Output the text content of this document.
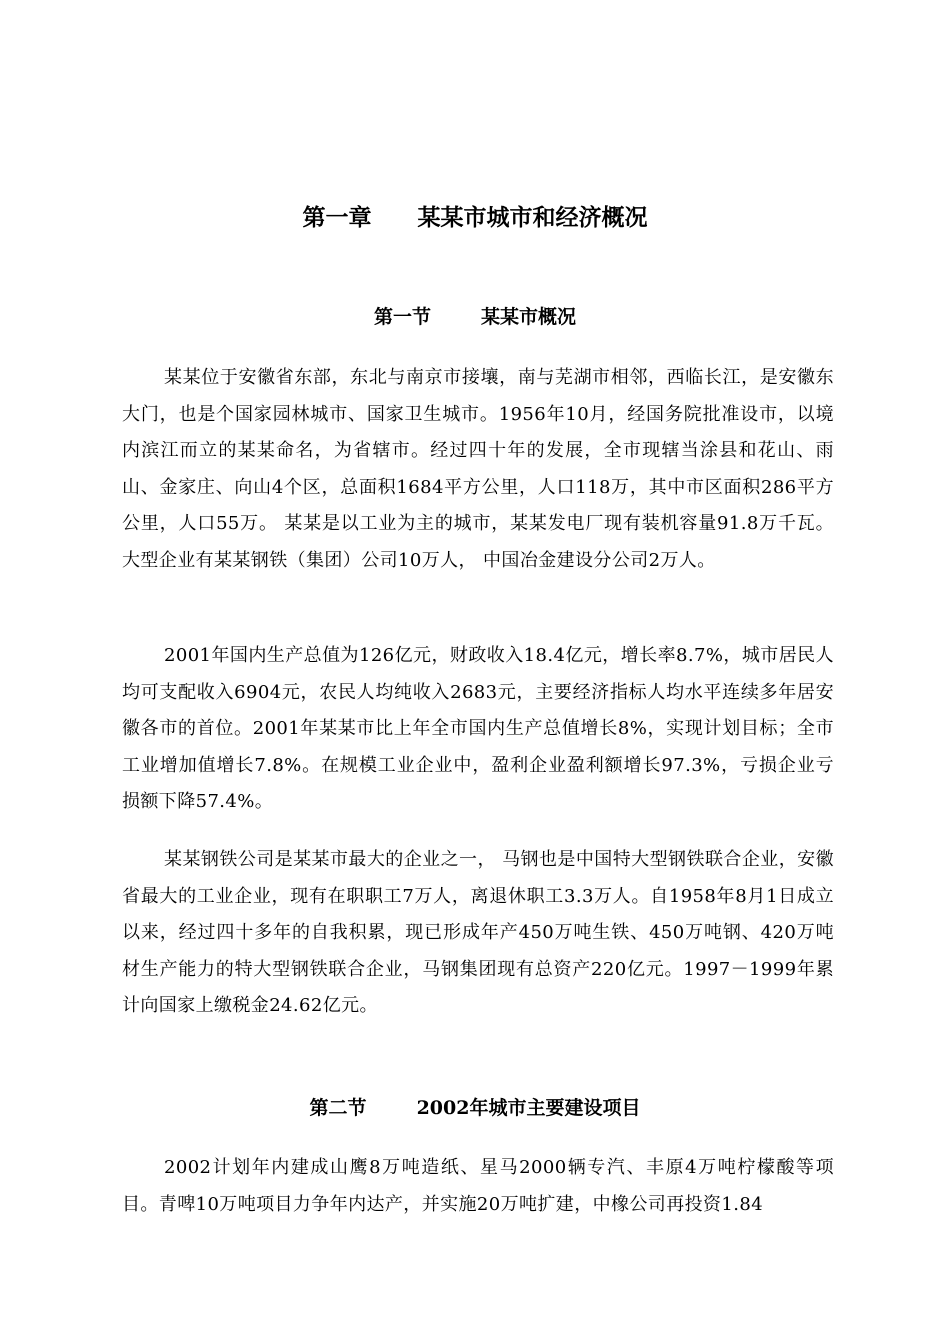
第一章 某某市城市和经济概况
第一节	某某市概况

某某位于安徽省东部，东北与南京市接壤，南与芜湖市相邻，西临长江，是安徽东大门，也是个国家园林城市、国家卫生城市。1956年10月，经国务院批准设市，以境内滨江而立的某某命名，为省辖市。经过四十年的发展，全市现辖当涂县和花山、雨山、金家庄、向山4个区，总面积1684平方公里，人口118万，其中市区面积286平方公里，人口55万。 某某是以工业为主的城市，某某发电厂现有装机容量91.8万千瓦。 大型企业有某某钢铁（集团）公司10万人， 中国冶金建设分公司2万人。

2001年国内生产总值为126亿元，财政收入18.4亿元，增长率8.7%，城市居民人均可支配收入6904元，农民人均纯收入2683元，主要经济指标人均水平连续多年居安徽各市的首位。2001年某某市比上年全市国内生产总值增长8%，实现计划目标；全市工业增加值增长7.8%。在规模工业企业中，盈利企业盈利额增长97.3%，亏损企业亏损额下降57.4%。

某某钢铁公司是某某市最大的企业之一， 马钢也是中国特大型钢铁联合企业，安徽省最大的工业企业，现有在职职工7万人，离退休职工3.3万人。自1958年8月1日成立以来，经过四十多年的自我积累，现已形成年产450万吨生铁、450万吨钢、420万吨材生产能力的特大型钢铁联合企业，马钢集团现有总资产220亿元。1997－1999年累计向国家上缴税金24.62亿元。

第二节	2002年城市主要建设项目

2002计划年内建成山鹰8万吨造纸、星马2000辆专汽、丰原4万吨柠檬酸等项目。青啤10万吨项目力争年内达产，并实施20万吨扩建，中橡公司再投资1.84
